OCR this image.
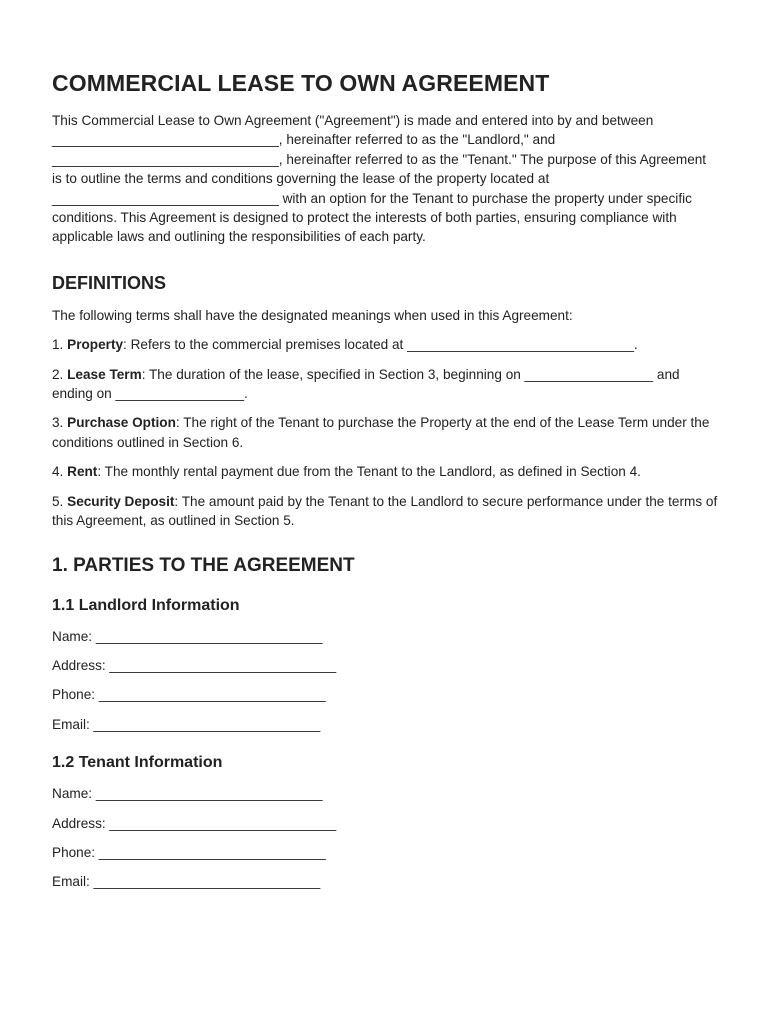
COMMERCIAL LEASE TO OWN AGREEMENT

This Commercial Lease to Own Agreement ("Agreement") is made and entered into by and between ______________________________, hereinafter referred to as the "Landlord," and ______________________________, hereinafter referred to as the "Tenant." The purpose of this Agreement is to outline the terms and conditions governing the lease of the property located at ______________________________ with an option for the Tenant to purchase the property under specific conditions. This Agreement is designed to protect the interests of both parties, ensuring compliance with applicable laws and outlining the responsibilities of each party.

DEFINITIONS

The following terms shall have the designated meanings when used in this Agreement:

1. Property: Refers to the commercial premises located at ______________________________.

2. Lease Term: The duration of the lease, specified in Section 3, beginning on _________________ and ending on _________________.

3. Purchase Option: The right of the Tenant to purchase the Property at the end of the Lease Term under the conditions outlined in Section 6.

4. Rent: The monthly rental payment due from the Tenant to the Landlord, as defined in Section 4.

5. Security Deposit: The amount paid by the Tenant to the Landlord to secure performance under the terms of this Agreement, as outlined in Section 5.

1. PARTIES TO THE AGREEMENT
1.1 Landlord Information

Name: ______________________________

Address: ______________________________

Phone: ______________________________

Email: ______________________________

1.2 Tenant Information

Name: ______________________________

Address: ______________________________

Phone: ______________________________

Email: ______________________________
